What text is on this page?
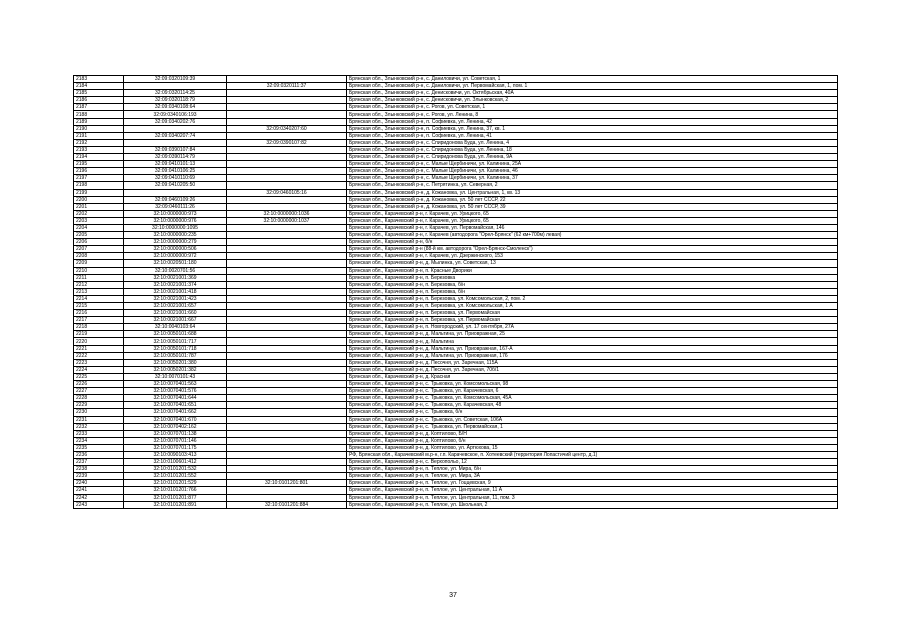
2183	32:09:0320109:39		Брянская обл., Злынковский р-н, с. Даниловичи, ул. Советская, 1
2184		32:09:0320111:37	Брянская обл., Злынковский р-н, с. Даниловичи, ул. Первомайская, 1, пом. 1
2185	32:09:0320114:25		Брянская обл., Злынковский р-н, с. Денисковичи, ул. Октябрьская, 40А
2186	32:09:0320118:79		Брянская обл., Злынковский р-н, с. Денисковичи, ул. Злынковская, 2
2187	32:09:0340108:64		Брянская обл., Злынковский р-н, с. Рогов, ул. Советская, 1
2188	32:09:0340106:193		Брянская обл., Злынковский р-н, с. Рогов, ул. Ленина, 8
2189	32:09:0340202:76		Брянская обл., Злынковский р-н, п. Софиевка, ул. Ленина, 42
2190		32:09:0340207:60	Брянская обл., Злынковский р-н, п. Софиевка, ул. Ленина, 37, кв. 1
2191	32:09:0340207:74		Брянская обл., Злынковский р-н, п. Софиевка, ул. Ленина, 41
2192		32:09:0390107:82	Брянская обл., Злынковский р-н, с. Спиридонова Буда, ул. Ленина, 4
2193	32:09:0390107:84		Брянская обл., Злынковский р-н, с. Спиридонова Буда, ул. Ленина, 18
2194	32:09:0390114:79		Брянская обл., Злынковский р-н, с. Спиридонова Буда, ул. Ленина, 9А
2195	32:09:0410101:13		Брянская обл., Злынковский р-н, с. Малые Щербиничи, ул. Калинина, 25А
2196	32:09:0410106:25		Брянская обл., Злынковский р-н, с. Малые Щербиничи, ул. Калинина, 46
2197	32:09:0410110:69		Брянская обл., Злынковский р-н, с. Малые Щербиничи, ул. Калинина, 37
2198	32:09:0410205:50		Брянская обл., Злынковский р-н, с. Петрятинка, ул. Северная, 2
2199		32:09:0460105:16	Брянская обл., Злынковский р-н, д. Кожановка, ул. Центральная, 1, кв. 13
2200	32:09:0460109:26		Брянская обл., Злынковский р-н, д. Кожановка, ул. 50 лет СССР, 22
2201	32:09:0460111:26		Брянская обл., Злынковский р-н, д. Кожановка, ул. 50 лет СССР, 39
2202	32:10:0000000:973	32:10:0000000:1036	Брянская обл., Карачевский р-н, г. Карачев, ул. Урицкого, 65
2203	32:10:0000000:976	32:10:0000000:1037	Брянская обл., Карачевский р-н, г. Карачев, ул. Урицкого, 65
2204	32:10:0000000:1095		Брянская обл., Карачевский р-н, г. Карачев, ул. Первомайская, 146
2205	32:10:0000000:235		Брянская обл., Карачевский р-н, г. Карачев (автодорога "Орел-Брянск" (62 км+700м) левая)
2206	32:10:0000000:279		Брянская обл., Карачевский р-н, б/н
2207	32:10:0000000:506		Брянская обл., Карачевский р-н (88-й км. автодорога "Орел-Брянск-Смоленск")
2208	32:10:0000000:972		Брянская обл., Карачевский р-н, г. Карачев, ул. Дзержинского, 153
2209	32:10:0020501:180		Брянская обл., Карачевский р-н, д. Мылинка, ул. Советская, 13
2210	32:10:0020701:56		Брянская обл., Карачевский р-н, п. Красные Дворики
2211	32:10:0021001:369		Брянская обл., Карачевский р-н, п. Березовка
2212	32:10:0021001:374		Брянская обл., Карачевский р-н, п. Березовка, б/н
2213	32:10:0021001:418		Брянская обл., Карачевский р-н, п. Березовка, б/н
2214	32:10:0021001:423		Брянская обл., Карачевский р-н, п. Березовка, ул. Комсомольская, 2, пом. 2
2215	32:10:0021001:657		Брянская обл., Карачевский р-н, п. Березовка, ул. Комсомольская, 1 А
2216	32:10:0021001:660		Брянская обл., Карачевский р-н, п. Березовка, ул. Первомайская
2217	32:10:0021001:667		Брянская обл., Карачевский р-н, п. Березовка, ул. Первомайская
2218	32:10:0040103:64		Брянская обл., Карачевский р-н, п. Новгородский, ул. 17 сентября, 27А
2219	32:10:0050101:688		Брянская обл., Карачевский р-н, д. Мальтина, ул. Приовражная, 25
2220	32:10:0050101:717		Брянская обл., Карачевский р-н, д. Мальтина
2221	32:10:0050101:718		Брянская обл., Карачевский р-н, д. Мальтина, ул. Приовражная, 167-А
2222	32:10:0050101:787		Брянская обл., Карачевский р-н, д. Мальтина, ул. Приовражная, 176
2223	32:10:0050201:380		Брянская обл., Карачевский р-н, д. Песочня, ул. Заречная, 115А
2224	32:10:0050201:382		Брянская обл., Карачевский р-н, д. Песочня, ул. Заречная, 70б/1
2225	32:10:0070101:43		Брянская обл., Карачевский р-н, д. Красная
2226	32:10:0070401:563		Брянская обл., Карачевский р-н, с. Трыковка, ул. Комсомольская, 98
2227	32:10:0070401:576		Брянская обл., Карачевский р-н, с. Трыковка, ул. Карачевская, 6
2228	32:10:0070401:644		Брянская обл., Карачевский р-н, с. Трыковка, ул. Комсомольская, 45А
2229	32:10:0070401:651		Брянская обл., Карачевский р-н, с. Трыковка, ул. Карачевская, 48
2230	32:10:0070401:662		Брянская обл., Карачевский р-н, с. Трыковка, б/н
2231	32:10:0070401:670		Брянская обл., Карачевский р-н, с. Трыковка, ул. Советская, 106А
2232	32:10:0070402:162		Брянская обл., Карачевский р-н, с. Трыковка, ул. Первомайская, 1
2233	32:10:0070701:138		Брянская обл., Карачевский р-н, д. Коптилово, Б/Н
2234	32:10:0070701:146		Брянская обл., Карачевский р-н, д. Коптилово, б/н
2235	32:10:0070701:175		Брянская обл., Карачевский р-н, д. Коптилово, ул. Артюхова, 15
2236	32:10:0090103:413		РФ, Брянская обл., Карачевский м.р-н, г.п. Карачевское, п. Хотеевский (территория Лопастичий центр, д.1)
2237	32:10:0100601:412		Брянская обл., Карачевский р-н, с. Верхопольо, 12
2238	32:10:0101201:532		Брянская обл., Карачевский р-н, п. Теплое, ул. Мира, б/н
2239	32:10:0101201:552		Брянская обл., Карачевский р-н, п. Теплое, ул. Мира, 3А
2240	32:10:0101201:529	32:10:0101201:801	Брянская обл., Карачевский р-н, п. Теплое, ул. Гоццевская, 9
2241	32:10:0101201:766		Брянская обл., Карачевский р-н, п. Теплое, ул. Центральная, 11 А
2242	32:10:0101201:877		Брянская обл., Карачевский р-н, п. Теплое, ул. Центральная, 11, пом. 3
2243	32:10:0101201:891	32:10:0101201:884	Брянская обл., Карачевский р-н, п. Теплое, ул. Школьная, 2
37
